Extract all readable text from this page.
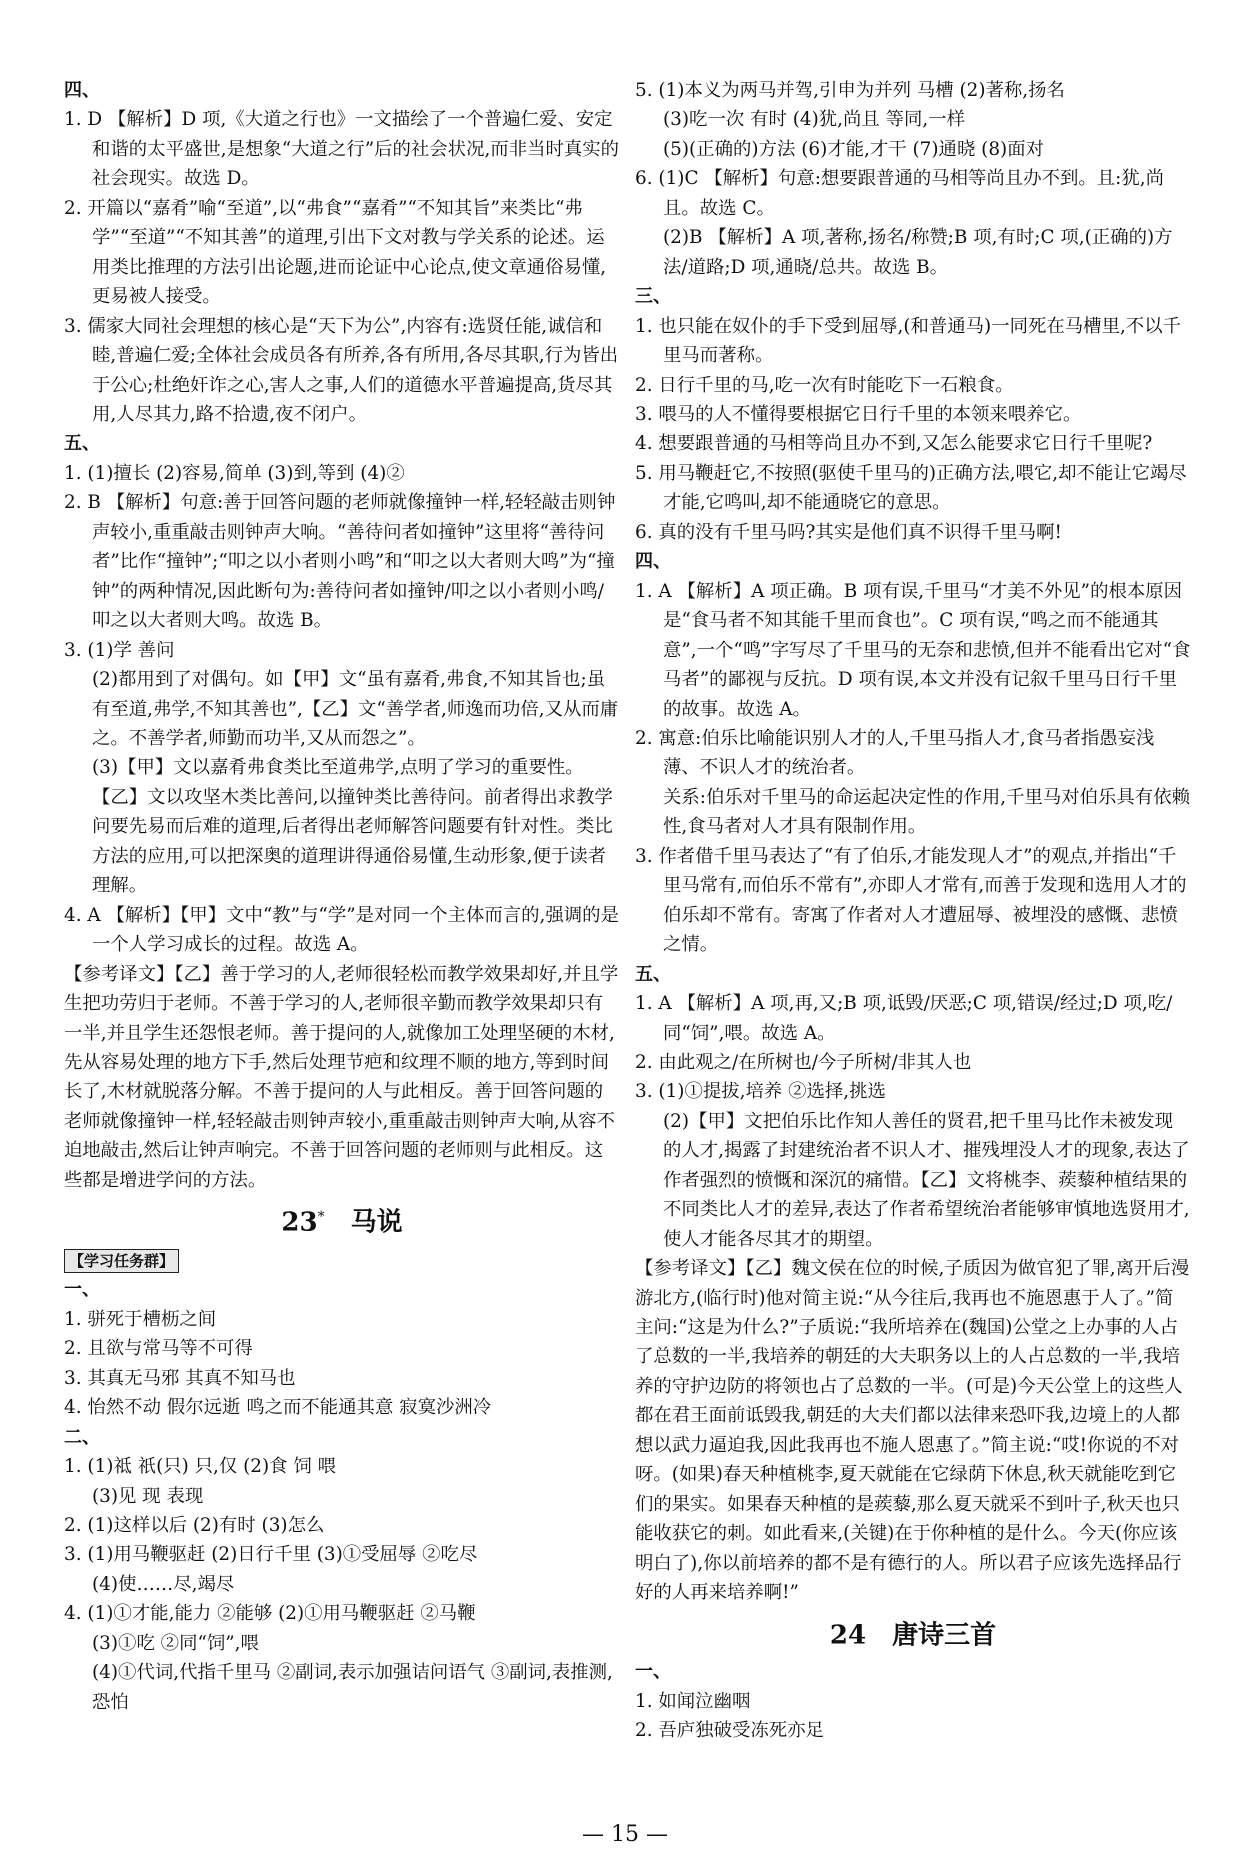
四、

1. D 【解析】D 项,《大道之行也》一文描绘了一个普遍仁爱、安定和谐的太平盛世,是想象“大道之行”后的社会状况,而非当时真实的社会现实。故选 D。

2. 开篇以“嘉肴”喻“至道”,以“弗食”“嘉肴”“不知其旨”来类比“弗学”“至道”“不知其善”的道理,引出下文对教与学关系的论述。运用类比推理的方法引出论题,进而论证中心论点,使文章通俗易懂,更易被人接受。

3. 儒家大同社会理想的核心是“天下为公”,内容有:选贤任能,诚信和睦,普遍仁爱;全体社会成员各有所养,各有所用,各尽其职,行为皆出于公心;杜绝奸诈之心,害人之事,人们的道德水平普遍提高,货尽其用,人尽其力,路不拾遗,夜不闭户。

五、

1. (1)擅长 (2)容易,简单 (3)到,等到 (4)②

2. B 【解析】句意:善于回答问题的老师就像撞钟一样,轻轻敲击则钟声较小,重重敲击则钟声大响。“善待问者如撞钟”这里将“善待问者”比作“撞钟”;“叩之以小者则小鸣”和“叩之以大者则大鸣”为“撞钟”的两种情况,因此断句为:善待问者如撞钟/叩之以小者则小鸣/叩之以大者则大鸣。故选 B。

3. (1)学 善问

(2)都用到了对偶句。如【甲】文“虽有嘉肴,弗食,不知其旨也;虽有至道,弗学,不知其善也”,【乙】文“善学者,师逸而功倍,又从而庸之。不善学者,师勤而功半,又从而怨之”。

(3)【甲】文以嘉肴弗食类比至道弗学,点明了学习的重要性。【乙】文以攻坚木类比善问,以撞钟类比善待问。前者得出求教学问要先易而后难的道理,后者得出老师解答问题要有针对性。类比方法的应用,可以把深奥的道理讲得通俗易懂,生动形象,便于读者理解。

4. A 【解析】【甲】文中“教”与“学”是对同一个主体而言的,强调的是一个人学习成长的过程。故选 A。

【参考译文】【乙】善于学习的人,老师很轻松而教学效果却好,并且学生把功劳归于老师。不善于学习的人,老师很辛勤而教学效果却只有一半,并且学生还怨恨老师。善于提问的人,就像加工处理坚硬的木材,先从容易处理的地方下手,然后处理节疤和纹理不顺的地方,等到时间长了,木材就脱落分解。不善于提问的人与此相反。善于回答问题的老师就像撞钟一样,轻轻敲击则钟声较小,重重敲击则钟声大响,从容不迫地敲击,然后让钟声响完。不善于回答问题的老师则与此相反。这些都是增进学问的方法。

23* 马说

【学习任务群】

一、

1. 骈死于槽枥之间

2. 且欲与常马等不可得

3. 其真无马邪 其真不知马也

4. 怡然不动 假尔远逝 鸣之而不能通其意 寂寞沙洲冷

二、

1. (1)祗 祇(只) 只,仅 (2)食 饲 喂

(3)见 现 表现

2. (1)这样以后 (2)有时 (3)怎么

3. (1)用马鞭驱赶 (2)日行千里 (3)①受屈辱 ②吃尽

(4)使……尽,竭尽

4. (1)①才能,能力 ②能够 (2)①用马鞭驱赶 ②马鞭

(3)①吃 ②同“饲”,喂

(4)①代词,代指千里马 ②副词,表示加强诘问语气 ③副词,表推测,恐怕

5. (1)本义为两马并驾,引申为并列 马槽 (2)著称,扬名

(3)吃一次 有时 (4)犹,尚且 等同,一样

(5)(正确的)方法 (6)才能,才干 (7)通晓 (8)面对

6. (1)C 【解析】句意:想要跟普通的马相等尚且办不到。且:犹,尚且。故选 C。

(2)B 【解析】A 项,著称,扬名/称赞;B 项,有时;C 项,(正确的)方法/道路;D 项,通晓/总共。故选 B。

三、

1. 也只能在奴仆的手下受到屈辱,(和普通马)一同死在马槽里,不以千里马而著称。

2. 日行千里的马,吃一次有时能吃下一石粮食。

3. 喂马的人不懂得要根据它日行千里的本领来喂养它。

4. 想要跟普通的马相等尚且办不到,又怎么能要求它日行千里呢?

5. 用马鞭赶它,不按照(驱使千里马的)正确方法,喂它,却不能让它竭尽才能,它鸣叫,却不能通晓它的意思。

6. 真的没有千里马吗?其实是他们真不识得千里马啊!

四、

1. A 【解析】A 项正确。B 项有误,千里马“才美不外见”的根本原因是“食马者不知其能千里而食也”。C 项有误,“鸣之而不能通其意”,一个“鸣”字写尽了千里马的无奈和悲愤,但并不能看出它对“食马者”的鄙视与反抗。D 项有误,本文并没有记叙千里马日行千里的故事。故选 A。

2. 寓意:伯乐比喻能识别人才的人,千里马指人才,食马者指愚妄浅薄、不识人才的统治者。

关系:伯乐对千里马的命运起决定性的作用,千里马对伯乐具有依赖性,食马者对人才具有限制作用。

3. 作者借千里马表达了“有了伯乐,才能发现人才”的观点,并指出“千里马常有,而伯乐不常有”,亦即人才常有,而善于发现和选用人才的伯乐却不常有。寄寓了作者对人才遭屈辱、被埋没的感慨、悲愤之情。

五、

1. A 【解析】A 项,再,又;B 项,诋毁/厌恶;C 项,错误/经过;D 项,吃/同“饲”,喂。故选 A。

2. 由此观之/在所树也/今子所树/非其人也

3. (1)①提拔,培养 ②选择,挑选

(2)【甲】文把伯乐比作知人善任的贤君,把千里马比作未被发现的人才,揭露了封建统治者不识人才、摧残埋没人才的现象,表达了作者强烈的愤慨和深沉的痛惜。【乙】文将桃李、蒺藜种植结果的不同类比人才的差异,表达了作者希望统治者能够审慎地选贤用才,使人才能各尽其才的期望。

【参考译文】【乙】魏文侯在位的时候,子质因为做官犯了罪,离开后漫游北方,(临行时)他对简主说:“从今往后,我再也不施恩惠于人了。”简主问:“这是为什么?”子质说:“我所培养在(魏国)公堂之上办事的人占了总数的一半,我培养的朝廷的大夫职务以上的人占总数的一半,我培养的守护边防的将领也占了总数的一半。(可是)今天公堂上的这些人都在君王面前诋毁我,朝廷的大夫们都以法律来恐吓我,边境上的人都想以武力逼迫我,因此我再也不施人恩惠了。”简主说:“哎!你说的不对呀。(如果)春天种植桃李,夏天就能在它绿荫下休息,秋天就能吃到它们的果实。如果春天种植的是蒺藜,那么夏天就采不到叶子,秋天也只能收获它的刺。如此看来,(关键)在于你种植的是什么。今天(你应该明白了),你以前培养的都不是有德行的人。所以君子应该先选择品行好的人再来培养啊!”

24 唐诗三首

一、

1. 如闻泣幽咽

2. 吾庐独破受冻死亦足

— 15 —
